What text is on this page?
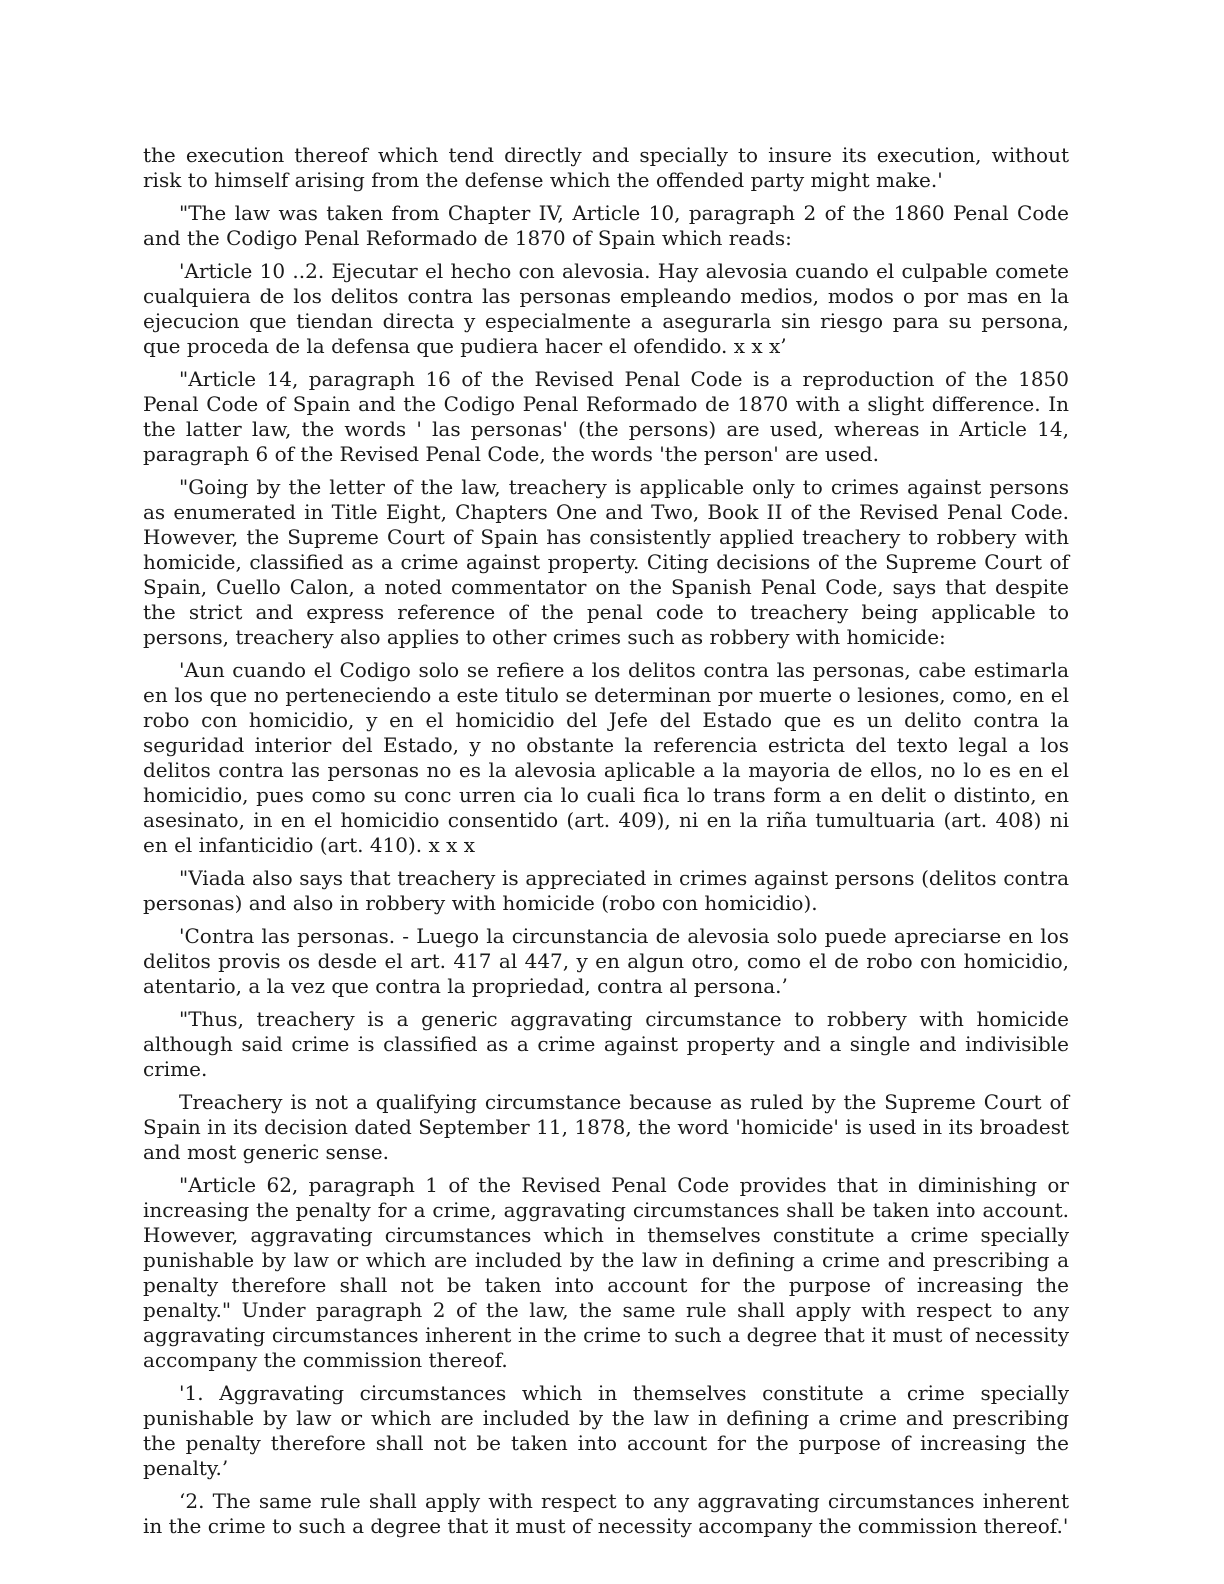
the execution thereof which tend directly and specially to insure its execution, without risk to himself arising from the defense which the offended party might make.'

"The law was taken from Chapter IV, Article 10, paragraph 2 of the 1860 Penal Code and the Codigo Penal Reformado de 1870 of Spain which reads:

'Article 10 ..2. Ejecutar el hecho con alevosia. Hay alevosia cuando el culpable comete cualquiera de los delitos contra las personas empleando medios, modos o por mas en la ejecucion que tiendan directa y especialmente a asegurarla sin riesgo para su persona, que proceda de la defensa que pudiera hacer el ofendido. x x x’

"Article 14, paragraph 16 of the Revised Penal Code is a reproduction of the 1850 Penal Code of Spain and the Codigo Penal Reformado de 1870 with a slight difference. In the latter law, the words ' las personas' (the persons) are used, whereas in Article 14, paragraph 6 of the Revised Penal Code, the words 'the person' are used.

"Going by the letter of the law, treachery is applicable only to crimes against persons as enumerated in Title Eight, Chapters One and Two, Book II of the Revised Penal Code. However, the Supreme Court of Spain has consistently applied treachery to robbery with homicide, classified as a crime against property. Citing decisions of the Supreme Court of Spain, Cuello Calon, a noted commentator on the Spanish Penal Code, says that despite the strict and express reference of the penal code to treachery being applicable to persons, treachery also applies to other crimes such as robbery with homicide:

'Aun cuando el Codigo solo se refiere a los delitos contra las personas, cabe estimarla en los que no perteneciendo a este titulo se determinan por muerte o lesiones, como, en el robo con homicidio, y en el homicidio del Jefe del Estado que es un delito contra la seguridad interior del Estado, y no obstante la referencia estricta del texto legal a los delitos contra las personas no es la alevosia aplicable a la mayoria de ellos, no lo es en el homicidio, pues como su conc urren cia lo cuali fica lo trans form a en delit o distinto, en asesinato, in en el homicidio consentido (art. 409), ni en la riña tumultuaria (art. 408) ni en el infanticidio (art. 410). x x x

"Viada also says that treachery is appreciated in crimes against persons (delitos contra personas) and also in robbery with homicide (robo con homicidio).

'Contra las personas. - Luego la circunstancia de alevosia solo puede apreciarse en los delitos provis os desde el art. 417 al 447, y en algun otro, como el de robo con homicidio, atentario, a la vez que contra la propriedad, contra al persona.’

"Thus, treachery is a generic aggravating circumstance to robbery with homicide although said crime is classified as a crime against property and a single and indivisible crime.

Treachery is not a qualifying circumstance because as ruled by the Supreme Court of Spain in its decision dated September 11, 1878, the word 'homicide' is used in its broadest and most generic sense.

"Article 62, paragraph 1 of the Revised Penal Code provides that in diminishing or increasing the penalty for a crime, aggravating circumstances shall be taken into account. However, aggravating circumstances which in themselves constitute a crime specially punishable by law or which are included by the law in defining a crime and prescribing a penalty therefore shall not be taken into account for the purpose of increasing the penalty." Under paragraph 2 of the law, the same rule shall apply with respect to any aggravating circumstances inherent in the crime to such a degree that it must of necessity accompany the commission thereof.

'1. Aggravating circumstances which in themselves constitute a crime specially punishable by law or which are included by the law in defining a crime and prescribing the penalty therefore shall not be taken into account for the purpose of increasing the penalty.’

‘2. The same rule shall apply with respect to any aggravating circumstances inherent in the crime to such a degree that it must of necessity accompany the commission thereof.'
